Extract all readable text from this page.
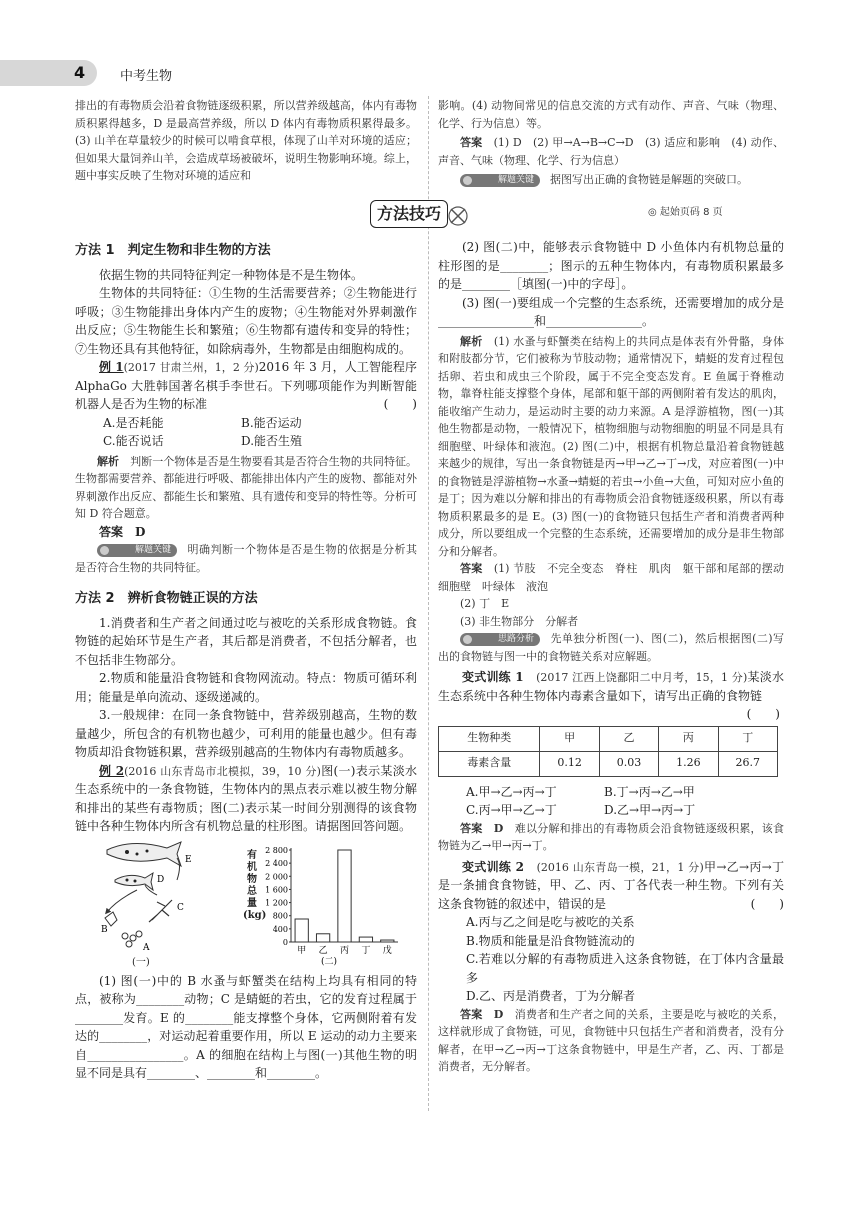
4	中考生物

排出的有毒物质会沿着食物链逐级积累，所以营养级越高，体内有毒物质积累得越多，D 是最高营养级，所以 D 体内有毒物质积累得最多。(3) 山羊在草量较少的时候可以啃食草根，体现了山羊对环境的适应；但如果大量饲养山羊，会造成草场被破坏，说明生物影响环境。综上，题中事实反映了生物对环境的适应和

影响。(4) 动物间常见的信息交流的方式有动作、声音、气味（物理、化学、行为信息）等。

答案　 (1) D　(2) 甲→A→B→C→D　(3) 适应和影响　(4) 动作、声音、气味（物理、化学、行为信息）

解题关键 据图写出正确的食物链是解题的突破口。

方法技巧	◎ 起始页码 8 页
方法 1　判定生物和非生物的方法

依据生物的共同特征判定一种物体是不是生物体。

生物体的共同特征：①生物的生活需要营养；②生物能进行呼吸；③生物能排出身体内产生的废物；④生物能对外界刺激作出反应；⑤生物能生长和繁殖；⑥生物都有遗传和变异的特性；⑦生物还具有其他特征，如除病毒外，生物都是由细胞构成的。

例 1(2017 甘肃兰州，1，2 分)2016 年 3 月，人工智能程序 AlphaGo 大胜韩国著名棋手李世石。下列哪项能作为判断智能机器人是否为生物的标准	(　　)

A.是否耗能	B.能否运动
C.能否说话	D.能否生殖

解析　 判断一个物体是否是生物要看其是否符合生物的共同特征。生物都需要营养、都能进行呼吸、都能排出体内产生的废物、都能对外界刺激作出反应、都能生长和繁殖、具有遗传和变异的特性等。分析可知 D 符合题意。

答案　 D

解题关键 明确判断一个物体是否是生物的依据是分析其是否符合生物的共同特征。

方法 2　辨析食物链正误的方法

1.消费者和生产者之间通过吃与被吃的关系形成食物链。食物链的起始环节是生产者，其后都是消费者，不包括分解者，也不包括非生物部分。

2.物质和能量沿食物链和食物网流动。特点：物质可循环利用；能量是单向流动、逐级递减的。

3.一般规律：在同一条食物链中，营养级别越高，生物的数量越少，所包含的有机物也越少，可利用的能量也越少。但有毒物质却沿食物链积累，营养级别越高的生物体内有毒物质越多。

例 2(2016 山东青岛市北模拟，39，10 分)图(一)表示某淡水生态系统中的一条食物链，生物体内的黑点表示难以被生物分解和排出的某些有毒物质；图(二)表示某一时间分别测得的该食物链中各种生物体内所含有机物总量的柱形图。请据图回答问题。

E
D
C
B
A
(一)
2 800
2 400
2 000
1 600
1 200
800
400
0
甲 乙 丙 丁 戊
(二)
有机物总量(kg)

(1) 图(一)中的 B 水蚤与虾蟹类在结构上均具有相同的特点，被称为________动物；C 是蜻蜓的若虫，它的发育过程属于________发育。E 的________能支撑整个身体，它两侧附着有发达的________，对运动起着重要作用，所以 E 运动的动力主要来自________________。A 的细胞在结构上与图(一)其他生物的明显不同是具有________、________和________。

(2) 图(二)中，能够表示食物链中 D 小鱼体内有机物总量的柱形图的是________；图示的五种生物体内，有毒物质积累最多的是________［填图(一)中的字母］。

(3) 图(一)要组成一个完整的生态系统，还需要增加的成分是________________和________________。

解析　 (1) 水蚤与虾蟹类在结构上的共同点是体表有外骨骼，身体和附肢都分节，它们被称为节肢动物；通常情况下，蜻蜓的发育过程包括卵、若虫和成虫三个阶段，属于不完全变态发育。E 鱼属于脊椎动物，靠脊柱能支撑整个身体，尾部和躯干部的两侧附着有发达的肌肉，能收缩产生动力，是运动时主要的动力来源。A 是浮游植物，图(一)其他生物都是动物，一般情况下，植物细胞与动物细胞的明显不同是具有细胞壁、叶绿体和液泡。(2) 图(二)中，根据有机物总量沿着食物链越来越少的规律，写出一条食物链是丙→甲→乙→丁→戊，对应着图(一)中的食物链是浮游植物→水蚤→蜻蜓的若虫→小鱼→大鱼，可知对应小鱼的是丁；因为难以分解和排出的有毒物质会沿食物链逐级积累，所以有毒物质积累最多的是 E。(3) 图(一)的食物链只包括生产者和消费者两种成分，所以要组成一个完整的生态系统，还需要增加的成分是非生物部分和分解者。

答案　 (1) 节肢　不完全变态　脊柱　肌肉　躯干部和尾部的摆动　细胞壁　叶绿体　液泡

(2) 丁　E

(3) 非生物部分　分解者

思路分析 先单独分析图(一)、图(二)，然后根据图(二)写出的食物链与图一中的食物链关系对应解题。

变式训练 1　 (2017 江西上饶鄱阳二中月考，15，1 分)某淡水生态系统中各种生物体内毒素含量如下，请写出正确的食物链

(　　)

生物种类	甲	乙	丙	丁
毒素含量	0.12	0.03	1.26	26.7
A.甲→乙→丙→丁	B.丁→丙→乙→甲
C.丙→甲→乙→丁	D.乙→甲→丙→丁

答案　 D　 难以分解和排出的有毒物质会沿食物链逐级积累，该食物链为乙→甲→丙→丁。

变式训练 2　 (2016 山东青岛一模，21，1 分)甲→乙→丙→丁是一条捕食食物链，甲、乙、丙、丁各代表一种生物。下列有关这条食物链的叙述中，错误的是	(　　)

A.丙与乙之间是吃与被吃的关系

B.物质和能量是沿食物链流动的

C.若难以分解的有毒物质进入这条食物链，在丁体内含量最多

D.乙、丙是消费者，丁为分解者

答案　 D　 消费者和生产者之间的关系，主要是吃与被吃的关系，这样就形成了食物链，可见，食物链中只包括生产者和消费者，没有分解者，在甲→乙→丙→丁这条食物链中，甲是生产者，乙、丙、丁都是消费者，无分解者。
